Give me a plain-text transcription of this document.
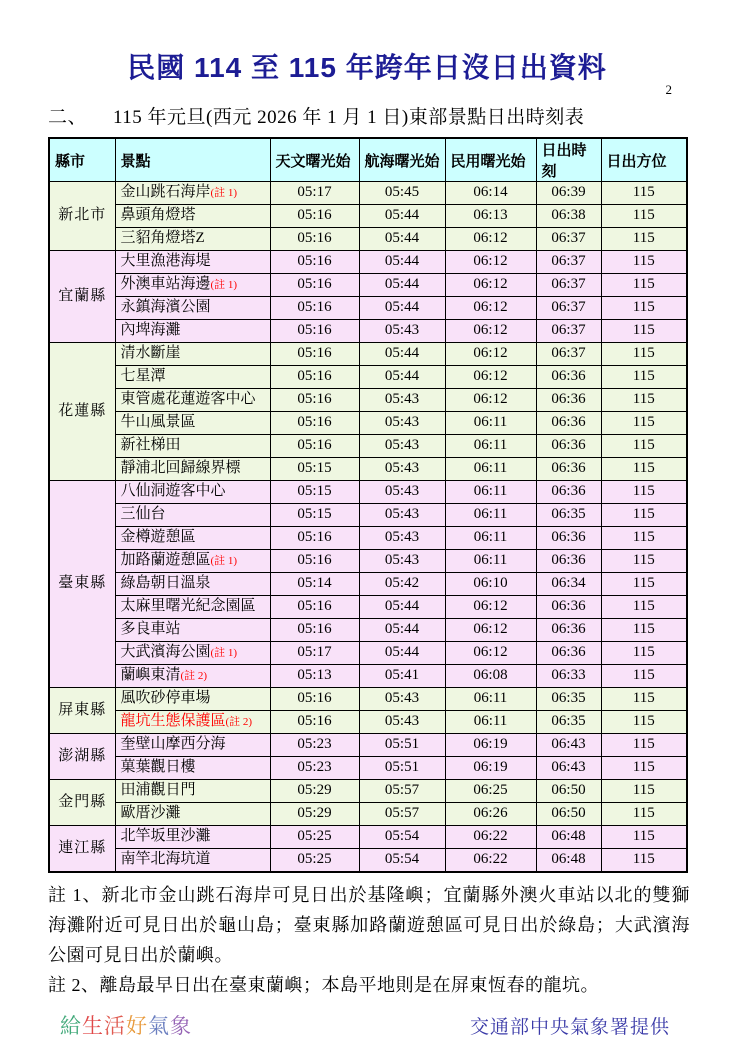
2
民國 114 至 115 年跨年日沒日出資料
二、 115 年元旦(西元 2026 年 1 月 1 日)東部景點日出時刻表
縣市	景點	天文曙光始	航海曙光始	民用曙光始	日出時刻	日出方位
新北市	金山跳石海岸(註 1)	05:17	05:45	06:14	06:39	115
	鼻頭角燈塔	05:16	05:44	06:13	06:38	115
	三貂角燈塔Z	05:16	05:44	06:12	06:37	115
宜蘭縣	大里漁港海堤	05:16	05:44	06:12	06:37	115
	外澳車站海邊(註 1)	05:16	05:44	06:12	06:37	115
	永鎮海濱公園	05:16	05:44	06:12	06:37	115
	內埤海灘	05:16	05:43	06:12	06:37	115
花蓮縣	清水斷崖	05:16	05:44	06:12	06:37	115
	七星潭	05:16	05:44	06:12	06:36	115
	東管處花蓮遊客中心	05:16	05:43	06:12	06:36	115
	牛山風景區	05:16	05:43	06:11	06:36	115
	新社梯田	05:16	05:43	06:11	06:36	115
	靜浦北回歸線界標	05:15	05:43	06:11	06:36	115
臺東縣	八仙洞遊客中心	05:15	05:43	06:11	06:36	115
	三仙台	05:15	05:43	06:11	06:35	115
	金樽遊憩區	05:16	05:43	06:11	06:36	115
	加路蘭遊憩區(註 1)	05:16	05:43	06:11	06:36	115
	綠島朝日溫泉	05:14	05:42	06:10	06:34	115
	太麻里曙光紀念園區	05:16	05:44	06:12	06:36	115
	多良車站	05:16	05:44	06:12	06:36	115
	大武濱海公園(註 1)	05:17	05:44	06:12	06:36	115
	蘭嶼東清(註 2)	05:13	05:41	06:08	06:33	115
屏東縣	風吹砂停車場	05:16	05:43	06:11	06:35	115
	龍坑生態保護區(註 2)	05:16	05:43	06:11	06:35	115
澎湖縣	奎壁山摩西分海	05:23	05:51	06:19	06:43	115
	菓葉觀日樓	05:23	05:51	06:19	06:43	115
金門縣	田浦觀日門	05:29	05:57	06:25	06:50	115
	歐厝沙灘	05:29	05:57	06:26	06:50	115
連江縣	北竿坂里沙灘	05:25	05:54	06:22	06:48	115
	南竿北海坑道	05:25	05:54	06:22	06:48	115

註 1、新北市金山跳石海岸可見日出於基隆嶼；宜蘭縣外澳火車站以北的雙獅海灘附近可見日出於龜山島；臺東縣加路蘭遊憩區可見日出於綠島；大武濱海公園可見日出於蘭嶼。

註 2、離島最早日出在臺東蘭嶼；本島平地則是在屏東恆春的龍坑。

給生活好氣象	交通部中央氣象署提供
